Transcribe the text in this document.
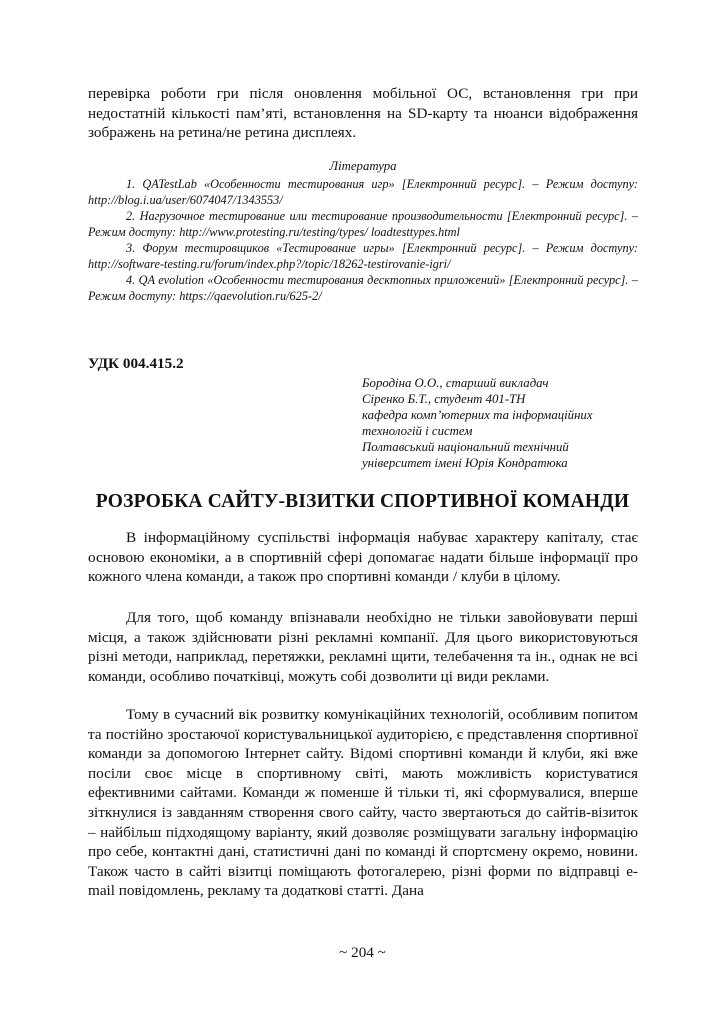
перевірка роботи гри після оновлення мобільної ОС, встановлення гри при недостатній кількості пам’яті, встановлення на SD-карту та нюанси відображення зображень на ретина/не ретина дисплеях.

Література

1. QATestLab «Особенности тестирования игр» [Електронний ресурс]. – Режим доступу: http://blog.i.ua/user/6074047/1343553/

2. Нагрузочное тестирование или тестирование производительности [Електронний ресурс]. – Режим доступу: http://www.protesting.ru/testing/types/ loadtesttypes.html

3. Форум тестировщиков «Тестирование игры» [Електронний ресурс]. – Режим доступу: http://software-testing.ru/forum/index.php?/topic/18262-testirovanie-igri/

4. QA evolution «Особенности тестирования десктопных приложений» [Електронний ресурс]. – Режим доступу: https://qaevolution.ru/625-2/

УДК 004.415.2

Бородіна О.О., старший викладач
Сіренко Б.Т., студент 401-ТН
кафедра комп’ютерних та інформаційних
технологій і систем
Полтавський національний технічний
університет імені Юрія Кондратюка
РОЗРОБКА САЙТУ-ВІЗИТКИ СПОРТИВНОЇ КОМАНДИ

В інформаційному суспільстві інформація набуває характеру капіталу, стає основою економіки, а в спортивній сфері допомагає надати більше інформації про кожного члена команди, а також про спортивні команди / клуби в цілому.

Для того, щоб команду впізнавали необхідно не тільки завойовувати перші місця, а також здійснювати різні рекламні компанії. Для цього використовуються різні методи, наприклад, перетяжки, рекламні щити, телебачення та ін., однак не всі команди, особливо початківці, можуть собі дозволити ці види реклами.

Тому в сучасний вік розвитку комунікаційних технологій, особливим попитом та постійно зростаючої користувальницької аудиторією, є представлення спортивної команди за допомогою Інтернет сайту. Відомі спортивні команди й клуби, які вже посіли своє місце в спортивному світі, мають можливість користуватися ефективними сайтами. Команди ж поменше й тільки ті, які сформувалися, вперше зіткнулися із завданням створення свого сайту, часто звертаються до сайтів-візиток – найбільш підходящому варіанту, який дозволяє розміщувати загальну інформацію про себе, контактні дані, статистичні дані по команді й спортсмену окремо, новини. Також часто в сайті візитці поміщають фотогалерею, різні форми по відправці e-mail повідомлень, рекламу та додаткові статті. Дана

~ 204 ~
